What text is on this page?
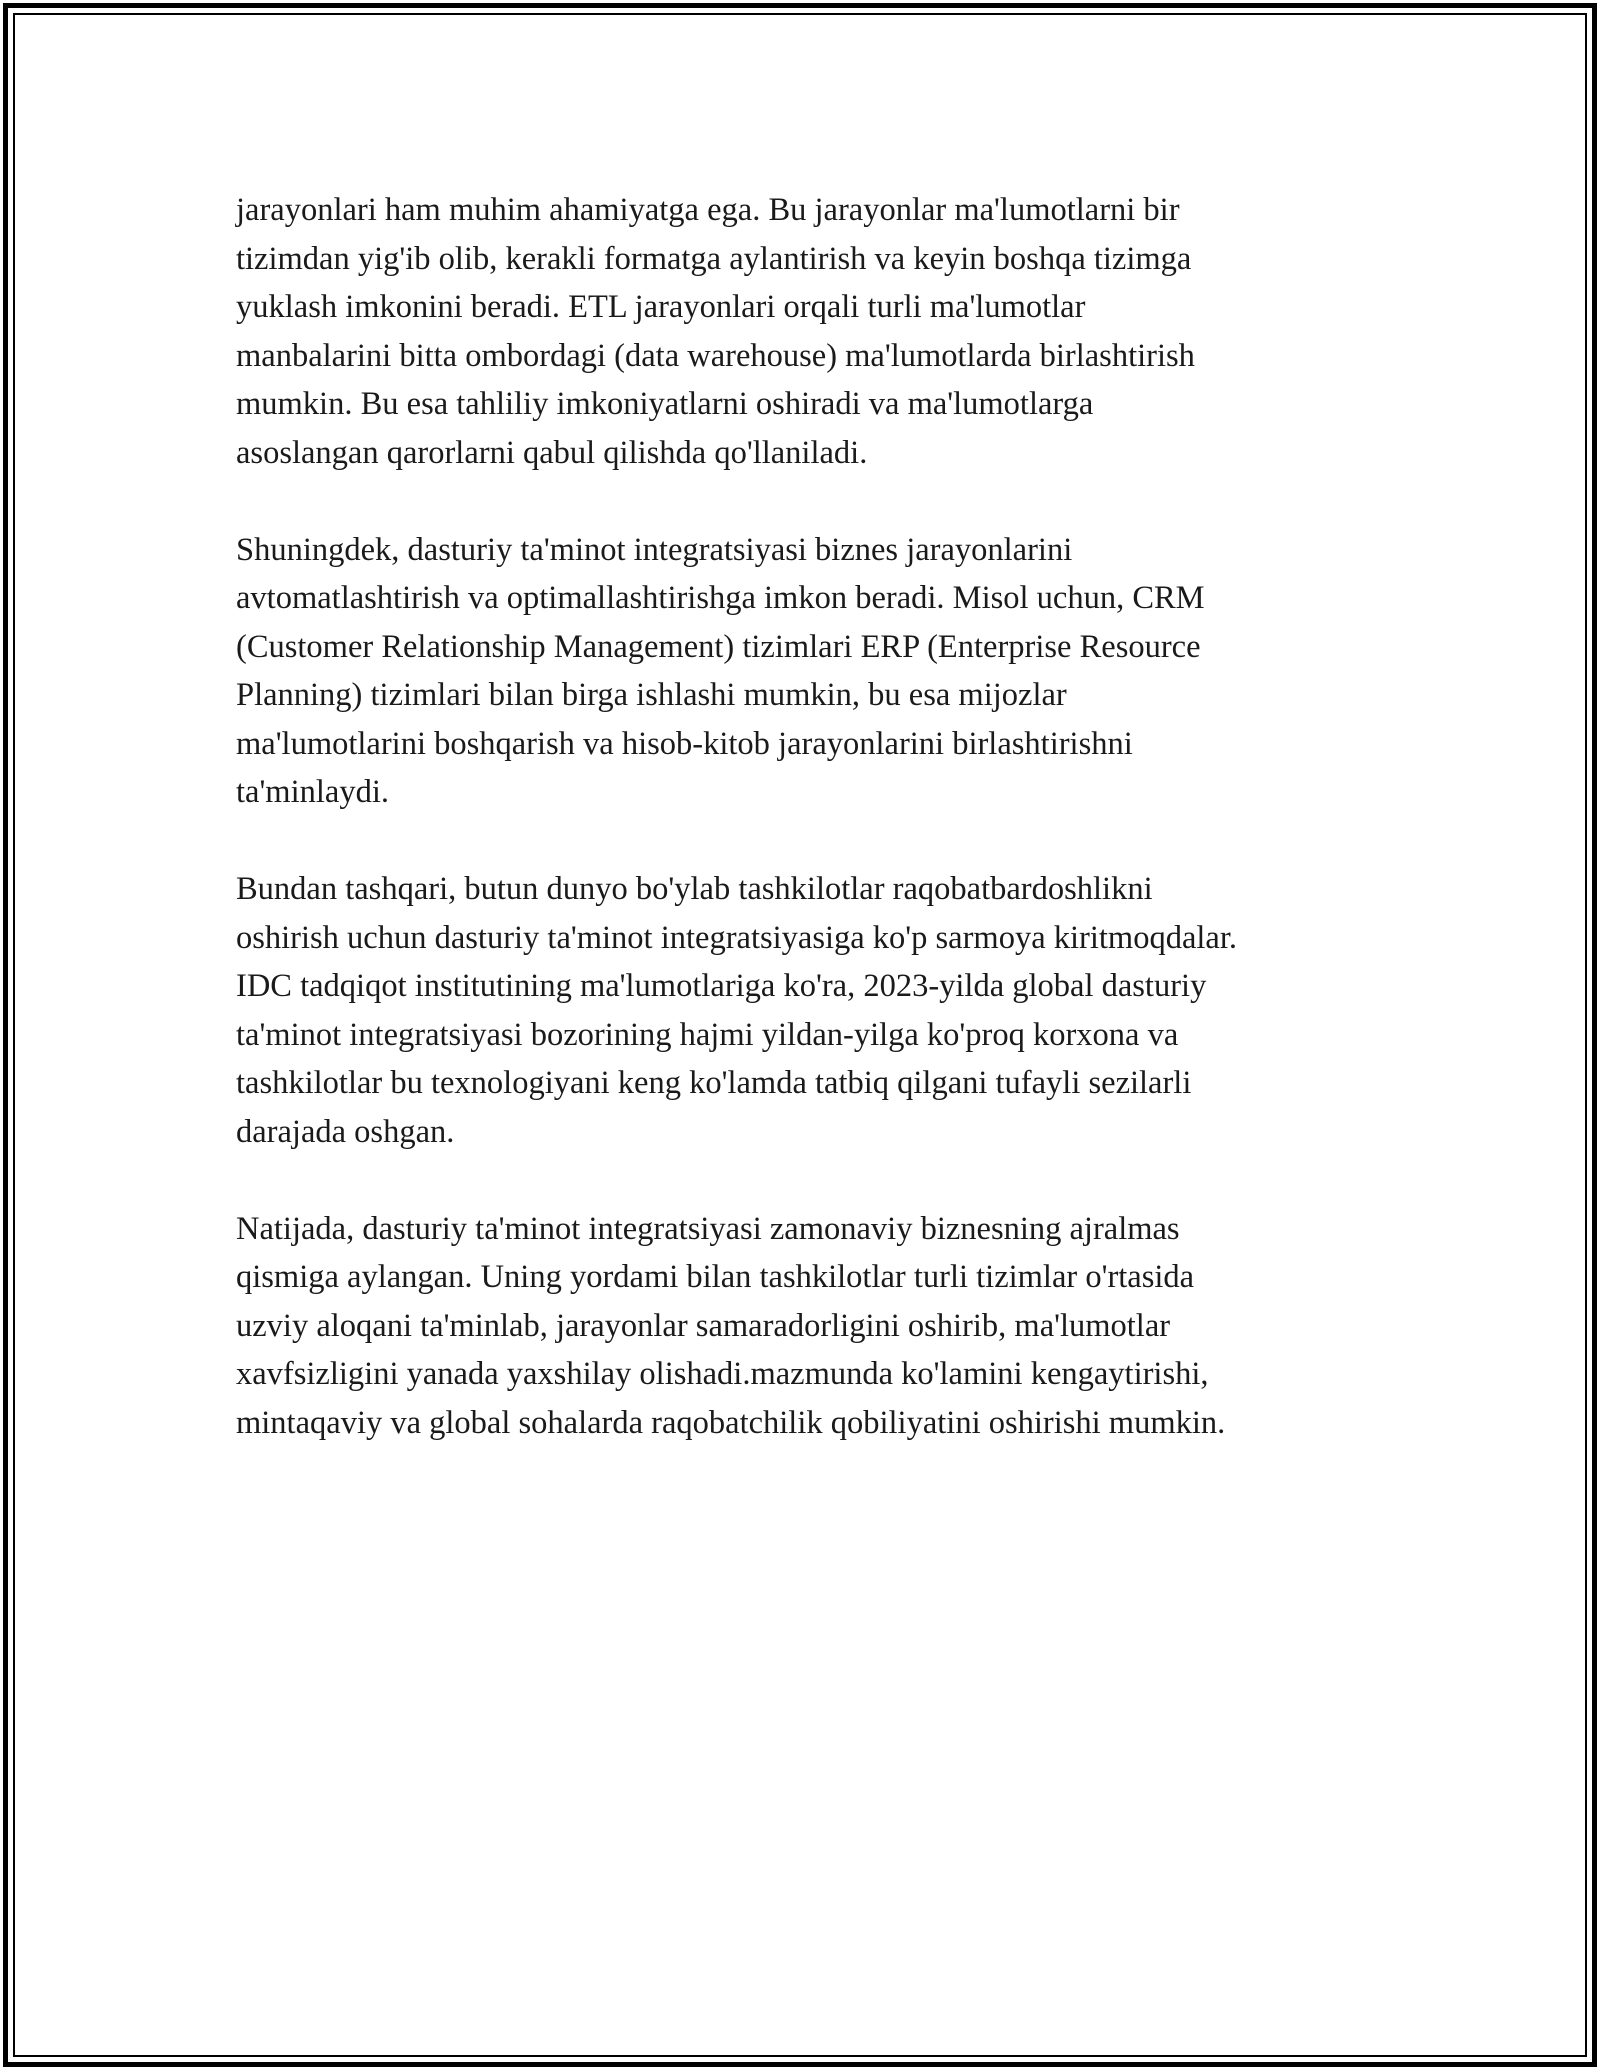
jarayonlari ham muhim ahamiyatga ega. Bu jarayonlar ma'lumotlarni bir
tizimdan yig'ib olib, kerakli formatga aylantirish va keyin boshqa tizimga
yuklash imkonini beradi. ETL jarayonlari orqali turli ma'lumotlar
manbalarini bitta ombordagi (data warehouse) ma'lumotlarda birlashtirish
mumkin. Bu esa tahliliy imkoniyatlarni oshiradi va ma'lumotlarga
asoslangan qarorlarni qabul qilishda qo'llaniladi.

Shuningdek, dasturiy ta'minot integratsiyasi biznes jarayonlarini
avtomatlashtirish va optimallashtirishga imkon beradi. Misol uchun, CRM
(Customer Relationship Management) tizimlari ERP (Enterprise Resource
Planning) tizimlari bilan birga ishlashi mumkin, bu esa mijozlar
ma'lumotlarini boshqarish va hisob-kitob jarayonlarini birlashtirishni
ta'minlaydi.

Bundan tashqari, butun dunyo bo'ylab tashkilotlar raqobatbardoshlikni
oshirish uchun dasturiy ta'minot integratsiyasiga ko'p sarmoya kiritmoqdalar.
IDC tadqiqot institutining ma'lumotlariga ko'ra, 2023-yilda global dasturiy
ta'minot integratsiyasi bozorining hajmi yildan-yilga ko'proq korxona va
tashkilotlar bu texnologiyani keng ko'lamda tatbiq qilgani tufayli sezilarli
darajada oshgan.

Natijada, dasturiy ta'minot integratsiyasi zamonaviy biznesning ajralmas
qismiga aylangan. Uning yordami bilan tashkilotlar turli tizimlar o'rtasida
uzviy aloqani ta'minlab, jarayonlar samaradorligini oshirib, ma'lumotlar
xavfsizligini yanada yaxshilay olishadi.mazmunda ko'lamini kengaytirishi,
mintaqaviy va global sohalarda raqobatchilik qobiliyatini oshirishi mumkin.
